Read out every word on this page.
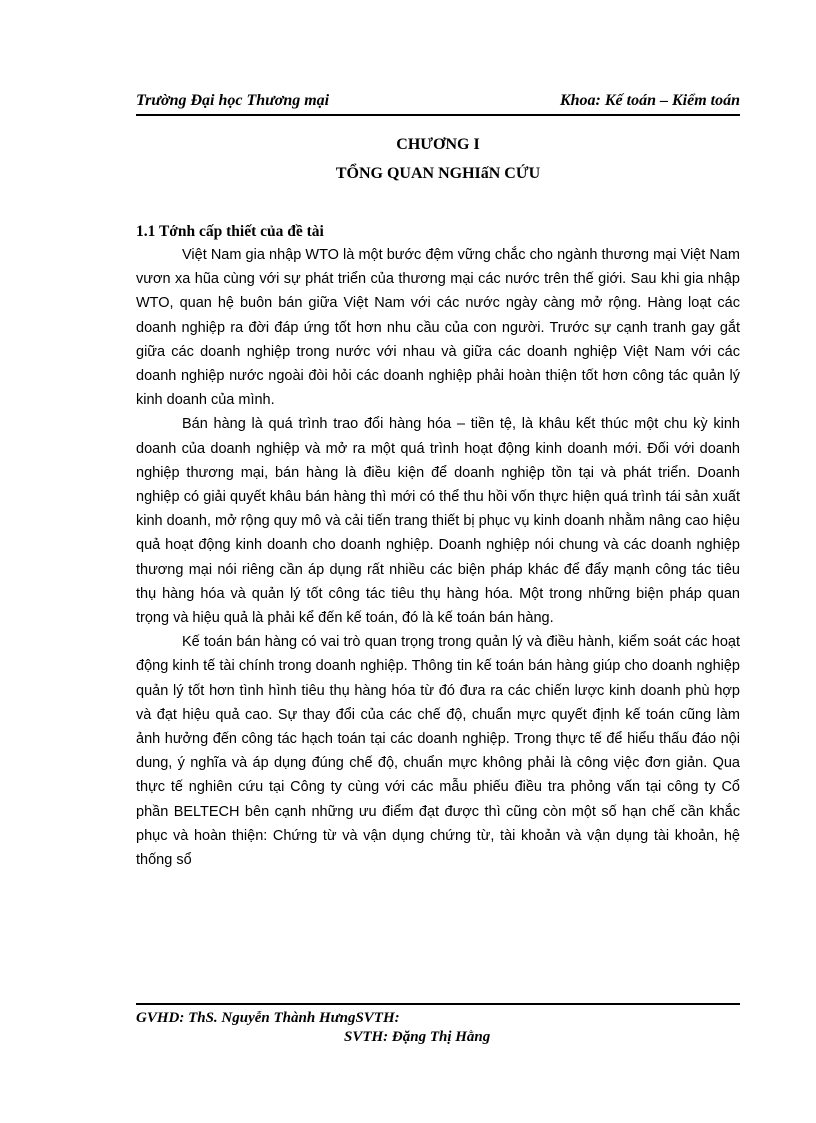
Trường Đại học Thương mại	Khoa: Kế toán – Kiểm toán
CHƯƠNG I
TỔNG QUAN NGHIấN CỨU
1.1 Tớnh cấp thiết của đề tài

Việt Nam gia nhập WTO là một bước đệm vững chắc cho ngành thương mại Việt Nam vươn xa hũa cùng với sự phát triển của thương mại các nước trên thế giới. Sau khi gia nhập WTO, quan hệ buôn bán giữa Việt Nam với các nước ngày càng mở rộng. Hàng loạt các doanh nghiệp ra đời đáp ứng tốt hơn nhu cầu của con người. Trước sự cạnh tranh gay gắt giữa các doanh nghiệp trong nước với nhau và giữa các doanh nghiệp Việt Nam với các doanh nghiệp nước ngoài đòi hỏi các doanh nghiệp phải hoàn thiện tốt hơn công tác quản lý kinh doanh của mình.

Bán hàng là quá trình trao đổi hàng hóa – tiền tệ, là khâu kết thúc một chu kỳ kinh doanh của doanh nghiệp và mở ra một quá trình hoạt động kinh doanh mới. Đối với doanh nghiệp thương mại, bán hàng là điều kiện để doanh nghiệp tồn tại và phát triển. Doanh nghiệp có giải quyết khâu bán hàng thì mới có thể thu hồi vốn thực hiện quá trình tái sản xuất kinh doanh, mở rộng quy mô và cải tiến trang thiết bị phục vụ kinh doanh nhằm nâng cao hiệu quả hoạt động kinh doanh cho doanh nghiệp. Doanh nghiệp nói chung và các doanh nghiệp thương mại nói riêng cần áp dụng rất nhiều các biện pháp khác để đẩy mạnh công tác tiêu thụ hàng hóa và quản lý tốt công tác tiêu thụ hàng hóa. Một trong những biện pháp quan trọng và hiệu quả là phải kể đến kế toán, đó là kế toán bán hàng.

Kế toán bán hàng có vai trò quan trọng trong quản lý và điều hành, kiểm soát các hoạt động kinh tế tài chính trong doanh nghiệp. Thông tin kế toán bán hàng giúp cho doanh nghiệp quản lý tốt hơn tình hình tiêu thụ hàng hóa từ đó đưa ra các chiến lược kinh doanh phù hợp và đạt hiệu quả cao. Sự thay đổi của các chế độ, chuẩn mực quyết định kế toán cũng làm ảnh hưởng đến công tác hạch toán tại các doanh nghiệp. Trong thực tế để hiểu thấu đáo nội dung, ý nghĩa và áp dụng đúng chế độ, chuẩn mực không phải là công việc đơn giản. Qua thực tế nghiên cứu tại Công ty cùng với các mẫu phiếu điều tra phỏng vấn tại công ty Cổ phần BELTECH bên cạnh những ưu điểm đạt được thì cũng còn một số hạn chế cần khắc phục và hoàn thiện: Chứng từ và vận dụng chứng từ, tài khoản và vận dụng tài khoản, hệ thống sổ

GVHD: ThS. Nguyễn Thành HưngSVTH:
SVTH: Đặng Thị Hằng
